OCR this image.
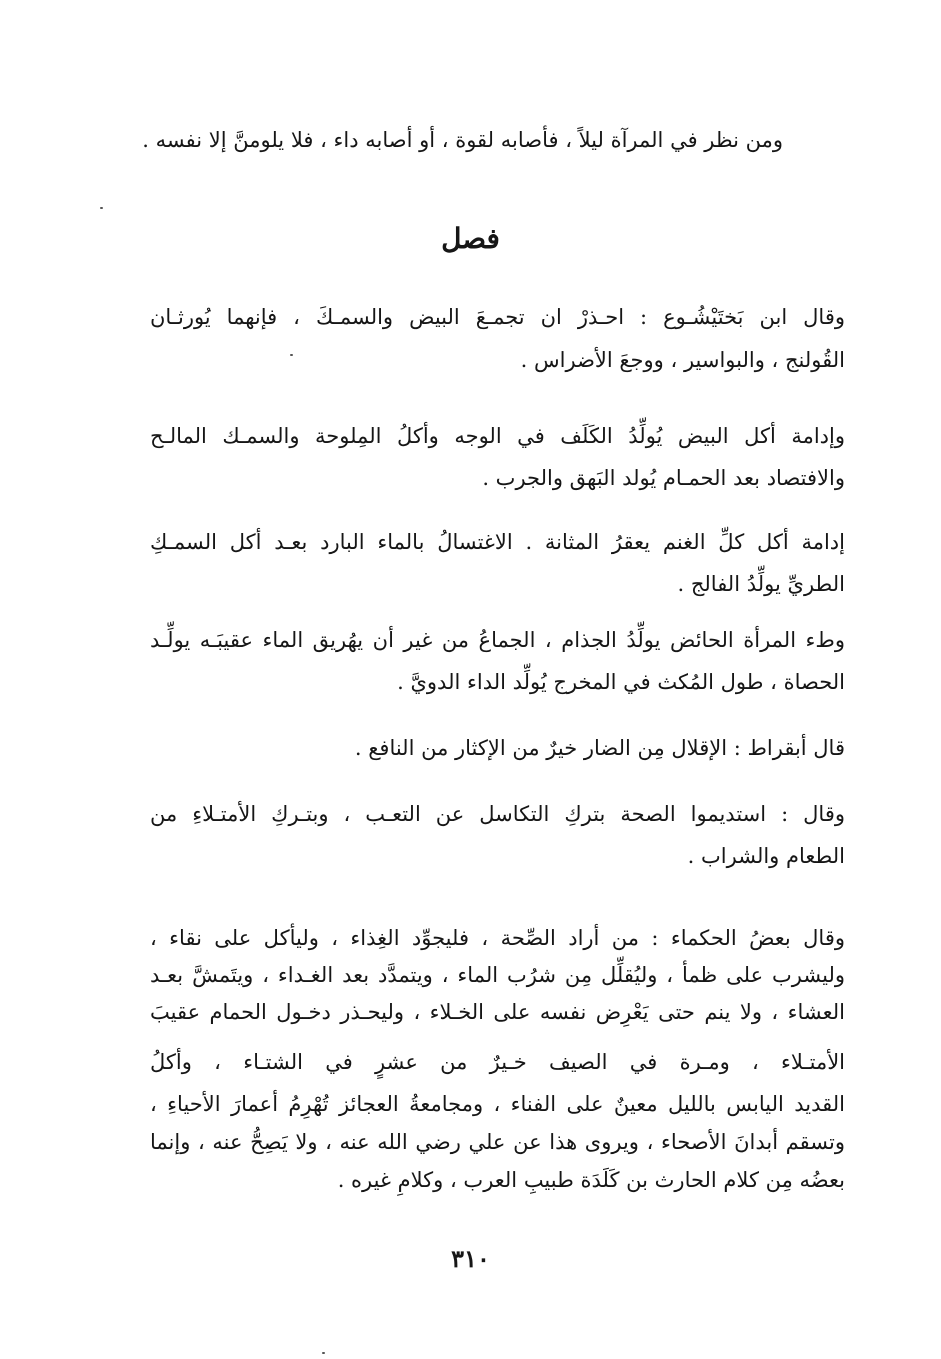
ومن نظر في المرآة ليلاً ، فأصابه لقوة ، أو أصابه داء ، فلا يلومنَّ إلا نفسه .
فصل
وقال ابن بَختَيْشُـوع : احـذرْ ان تجمـعَ البيض والسمـكَ ، فإنهما يُورثـان
القُولنج ، والبواسير ، ووجعَ الأضراس .
وإدامة أكل البيض يُولِّدُ الكَلَف في الوجه وأكلُ المِلوحة والسمـك المالـح
والافتصاد بعد الحمـام يُولد البَهق والجرب .
إدامة أكل كلِّ الغنم يعقرُ المثانة . الاغتسالُ بالماء البارد بعـد أكل السمـكِ
الطريِّ يولِّدُ الفالج .
وطء المرأة الحائض يولِّدُ الجذام ، الجماعُ من غير أن يهُريق الماء عقيبَـه يولِّـد
الحصاة ، طول المُكث في المخرج يُولِّد الداء الدويَّ .
قال أبقراط : الإقلال مِن الضار خيرٌ من الإكثار من النافع .
وقال : استديموا الصحة بتركِ التكاسل عن التعـب ، وبتـركِ الأمتـلاءِ من
الطعام والشراب .
وقال بعضُ الحكماء : من أراد الصِّحة ، فليجوِّد الغِذاء ، وليأكل على نقاء ،
وليشرب على ظمأ ، وليُقلِّل مِن شرُب الماء ، ويتمدَّد بعد الغـداء ، ويتَمشَّ بعـد
العشاء ، ولا ينم حتى يَعْرِض نفسه على الخـلاء ، وليحـذر دخـول الحمام عقيبَ
الأمتـلاء ، ومـرة في الصيف خـيرٌ من عشرٍ في الشتـاء ، وأكلُ
القديد اليابس بالليل معينٌ على الفناء ، ومجامعةُ العجائز تُهْرِمُ أعمارَ الأحياءِ ،
وتسقم أبدانَ الأصحاء ، ويروى هذا عن علي رضي الله عنه ، ولا يَصِحُّ عنه ، وإنما
بعضُه مِن كلام الحارث بن كَلَدَة طبيبِ العرب ، وكلامِ غيره .
٣١٠
